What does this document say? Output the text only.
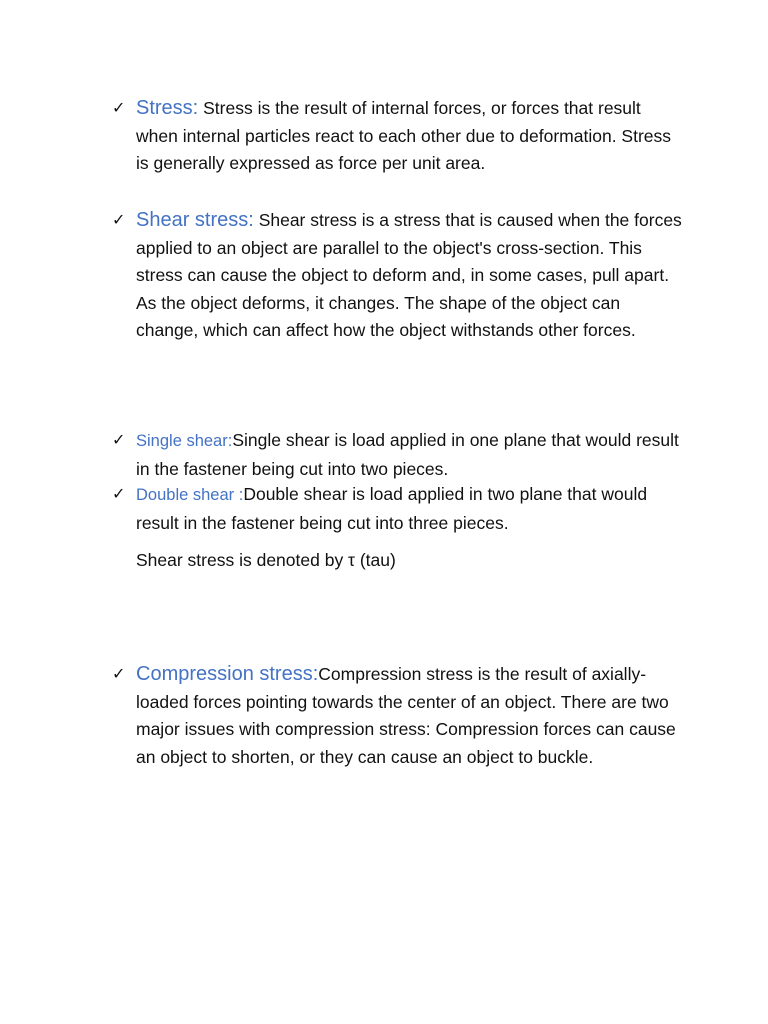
✓ Stress: Stress is the result of internal forces, or forces that result when internal particles react to each other due to deformation. Stress is generally expressed as force per unit area.
✓ Shear stress: Shear stress is a stress that is caused when the forces applied to an object are parallel to the object's cross-section. This stress can cause the object to deform and, in some cases, pull apart. As the object deforms, it changes. The shape of the object can change, which can affect how the object withstands other forces.
✓ Single shear:Single shear is load applied in one plane that would result in the fastener being cut into two pieces.
✓ Double shear :Double shear is load applied in two plane that would result in the fastener being cut into three pieces.
Shear stress is denoted by τ (tau)
✓ Compression stress:Compression stress is the result of axially-loaded forces pointing towards the center of an object. There are two major issues with compression stress: Compression forces can cause an object to shorten, or they can cause an object to buckle.
